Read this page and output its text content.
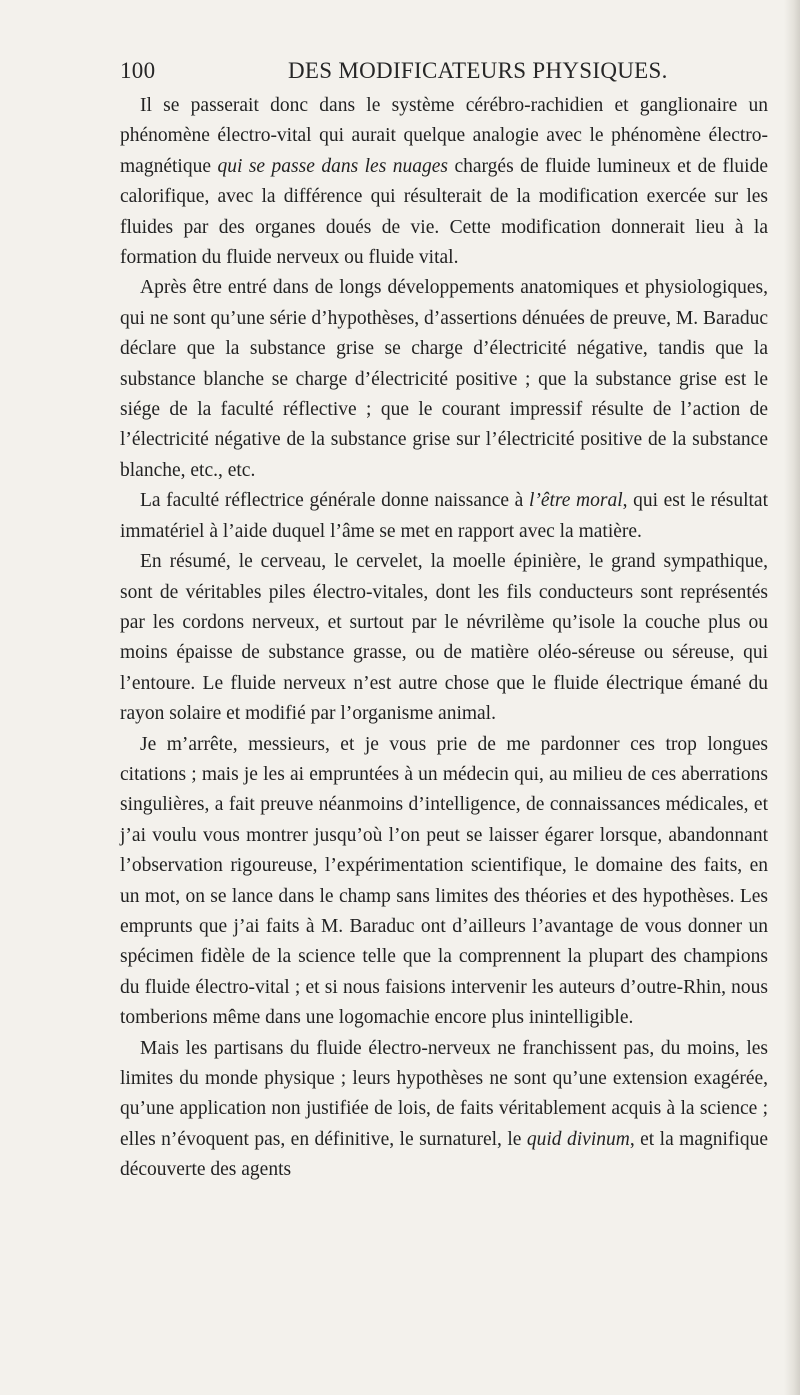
100	DES MODIFICATEURS PHYSIQUES.

Il se passerait donc dans le système cérébro-rachidien et ganglionaire un phénomène électro-vital qui aurait quelque analogie avec le phénomène électro-magnétique qui se passe dans les nuages chargés de fluide lumineux et de fluide calorifique, avec la différence qui résulterait de la modification exercée sur les fluides par des organes doués de vie. Cette modification donnerait lieu à la formation du fluide nerveux ou fluide vital.

Après être entré dans de longs développements anatomiques et physiologiques, qui ne sont qu’une série d’hypothèses, d’assertions dénuées de preuve, M. Baraduc déclare que la substance grise se charge d’électricité négative, tandis que la substance blanche se charge d’électricité positive ; que la substance grise est le siége de la faculté réflective ; que le courant impressif résulte de l’action de l’électricité négative de la substance grise sur l’électricité positive de la substance blanche, etc., etc.

La faculté réflectrice générale donne naissance à l’être moral, qui est le résultat immatériel à l’aide duquel l’âme se met en rapport avec la matière.

En résumé, le cerveau, le cervelet, la moelle épinière, le grand sympathique, sont de véritables piles électro-vitales, dont les fils conducteurs sont représentés par les cordons nerveux, et surtout par le névrilème qu’isole la couche plus ou moins épaisse de substance grasse, ou de matière oléo-séreuse ou séreuse, qui l’entoure. Le fluide nerveux n’est autre chose que le fluide électrique émané du rayon solaire et modifié par l’organisme animal.

Je m’arrête, messieurs, et je vous prie de me pardonner ces trop longues citations ; mais je les ai empruntées à un médecin qui, au milieu de ces aberrations singulières, a fait preuve néanmoins d’intelligence, de connaissances médicales, et j’ai voulu vous montrer jusqu’où l’on peut se laisser égarer lorsque, abandonnant l’observation rigoureuse, l’expérimentation scientifique, le domaine des faits, en un mot, on se lance dans le champ sans limites des théories et des hypothèses. Les emprunts que j’ai faits à M. Baraduc ont d’ailleurs l’avantage de vous donner un spécimen fidèle de la science telle que la comprennent la plupart des champions du fluide électro-vital ; et si nous faisions intervenir les auteurs d’outre-Rhin, nous tomberions même dans une logomachie encore plus inintelligible.

Mais les partisans du fluide électro-nerveux ne franchissent pas, du moins, les limites du monde physique ; leurs hypothèses ne sont qu’une extension exagérée, qu’une application non justifiée de lois, de faits véritablement acquis à la science ; elles n’évoquent pas, en définitive, le surnaturel, le quid divinum, et la magnifique découverte des agents
